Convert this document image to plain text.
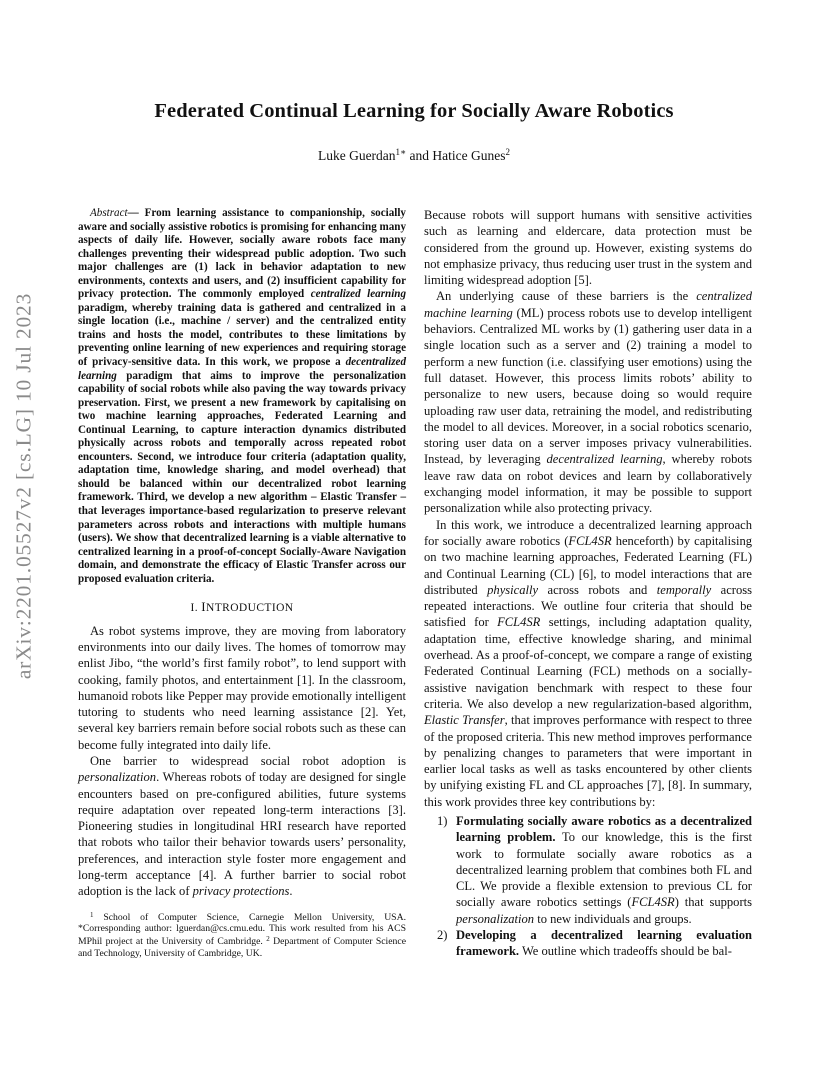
Federated Continual Learning for Socially Aware Robotics
Luke Guerdan$^{1∗}$ and Hatice Gunes$^2$
arXiv:2201.05527v2 [cs.LG] 10 Jul 2023

Abstract— From learning assistance to companionship, socially aware and socially assistive robotics is promising for enhancing many aspects of daily life. However, socially aware robots face many challenges preventing their widespread public adoption. Two such major challenges are (1) lack in behavior adaptation to new environments, contexts and users, and (2) insufficient capability for privacy protection. The commonly employed centralized learning paradigm, whereby training data is gathered and centralized in a single location (i.e., machine / server) and the centralized entity trains and hosts the model, contributes to these limitations by preventing online learning of new experiences and requiring storage of privacy-sensitive data. In this work, we propose a decentralized learning paradigm that aims to improve the personalization capability of social robots while also paving the way towards privacy preservation. First, we present a new framework by capitalising on two machine learning approaches, Federated Learning and Continual Learning, to capture interaction dynamics distributed physically across robots and temporally across repeated robot encounters. Second, we introduce four criteria (adaptation quality, adaptation time, knowledge sharing, and model overhead) that should be balanced within our decentralized robot learning framework. Third, we develop a new algorithm – Elastic Transfer – that leverages importance-based regularization to preserve relevant parameters across robots and interactions with multiple humans (users). We show that decentralized learning is a viable alternative to centralized learning in a proof-of-concept Socially-Aware Navigation domain, and demonstrate the efficacy of Elastic Transfer across our proposed evaluation criteria.

I. INTRODUCTION

As robot systems improve, they are moving from laboratory environments into our daily lives. The homes of tomorrow may enlist Jibo, “the world’s first family robot”, to lend support with cooking, family photos, and entertainment [1]. In the classroom, humanoid robots like Pepper may provide emotionally intelligent tutoring to students who need learning assistance [2]. Yet, several key barriers remain before social robots such as these can become fully integrated into daily life.

One barrier to widespread social robot adoption is personalization. Whereas robots of today are designed for single encounters based on pre-configured abilities, future systems require adaptation over repeated long-term interactions [3]. Pioneering studies in longitudinal HRI research have reported that robots who tailor their behavior towards users’ personality, preferences, and interaction style foster more engagement and long-term acceptance [4]. A further barrier to social robot adoption is the lack of privacy protections.

$^1$ School of Computer Science, Carnegie Mellon University, USA. *Corresponding author: lguerdan@cs.cmu.edu. This work resulted from his ACS MPhil project at the University of Cambridge. $^2$ Department of Computer Science and Technology, University of Cambridge, UK.

Because robots will support humans with sensitive activities such as learning and eldercare, data protection must be considered from the ground up. However, existing systems do not emphasize privacy, thus reducing user trust in the system and limiting widespread adoption [5].

An underlying cause of these barriers is the centralized machine learning (ML) process robots use to develop intelligent behaviors. Centralized ML works by (1) gathering user data in a single location such as a server and (2) training a model to perform a new function (i.e. classifying user emotions) using the full dataset. However, this process limits robots’ ability to personalize to new users, because doing so would require uploading raw user data, retraining the model, and redistributing the model to all devices. Moreover, in a social robotics scenario, storing user data on a server imposes privacy vulnerabilities. Instead, by leveraging decentralized learning, whereby robots leave raw data on robot devices and learn by collaboratively exchanging model information, it may be possible to support personalization while also protecting privacy.

In this work, we introduce a decentralized learning approach for socially aware robotics (FCL4SR henceforth) by capitalising on two machine learning approaches, Federated Learning (FL) and Continual Learning (CL) [6], to model interactions that are distributed physically across robots and temporally across repeated interactions. We outline four criteria that should be satisfied for FCL4SR settings, including adaptation quality, adaptation time, effective knowledge sharing, and minimal overhead. As a proof-of-concept, we compare a range of existing Federated Continual Learning (FCL) methods on a socially-assistive navigation benchmark with respect to these four criteria. We also develop a new regularization-based algorithm, Elastic Transfer, that improves performance with respect to three of the proposed criteria. This new method improves performance by penalizing changes to parameters that were important in earlier local tasks as well as tasks encountered by other clients by unifying existing FL and CL approaches [7], [8]. In summary, this work provides three key contributions by:

1) Formulating socially aware robotics as a decentralized learning problem. To our knowledge, this is the first work to formulate socially aware robotics as a decentralized learning problem that combines both FL and CL. We provide a flexible extension to previous CL for socially aware robotics settings (FCL4SR) that supports personalization to new individuals and groups.
2) Developing a decentralized learning evaluation framework. We outline which tradeoffs should be bal-
